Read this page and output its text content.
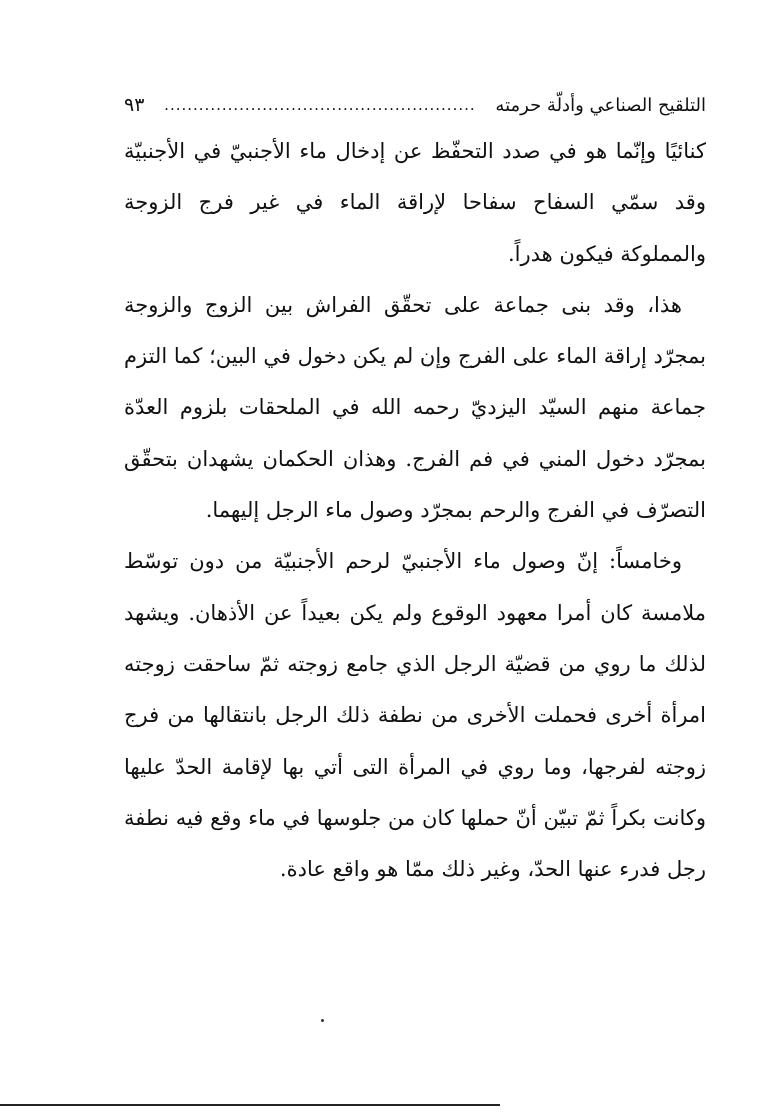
التلقيح الصناعي وأدلّة حرمته
......................................................
٩٣

كنائيًا وإنّما هو في صدد التحفّظ عن إدخال ماء الأجنبيّ في الأجنبيّة وقد سمّي السفاح سفاحا لإراقة الماء في غير فرج الزوجة والمملوكة فيكون هدراً.

هذا، وقد بنى جماعة على تحقّق الفراش بين الزوج والزوجة بمجرّد إراقة الماء على الفرج وإن لم يكن دخول في البين؛ كما التزم جماعة منهم السيّد اليزديّ رحمه الله في الملحقات بلزوم العدّة بمجرّد دخول المني في فم الفرج. وهذان الحكمان يشهدان بتحقّق التصرّف في الفرج والرحم بمجرّد وصول ماء الرجل إليهما.

وخامساً: إنّ وصول ماء الأجنبيّ لرحم الأجنبيّة من دون توسّط ملامسة كان أمرا معهود الوقوع ولم يكن بعيداً عن الأذهان. ويشهد لذلك ما روي من قضيّة الرجل الذي جامع زوجته ثمّ ساحقت زوجته امرأة أخرى فحملت الأخرى من نطفة ذلك الرجل بانتقالها من فرج زوجته لفرجها، وما روي في المرأة التى أتي بها لإقامة الحدّ عليها وكانت بكراً ثمّ تبيّن أنّ حملها كان من جلوسها في ماء وقع فيه نطفة رجل فدرء عنها الحدّ، وغير ذلك ممّا هو واقع عادة.
